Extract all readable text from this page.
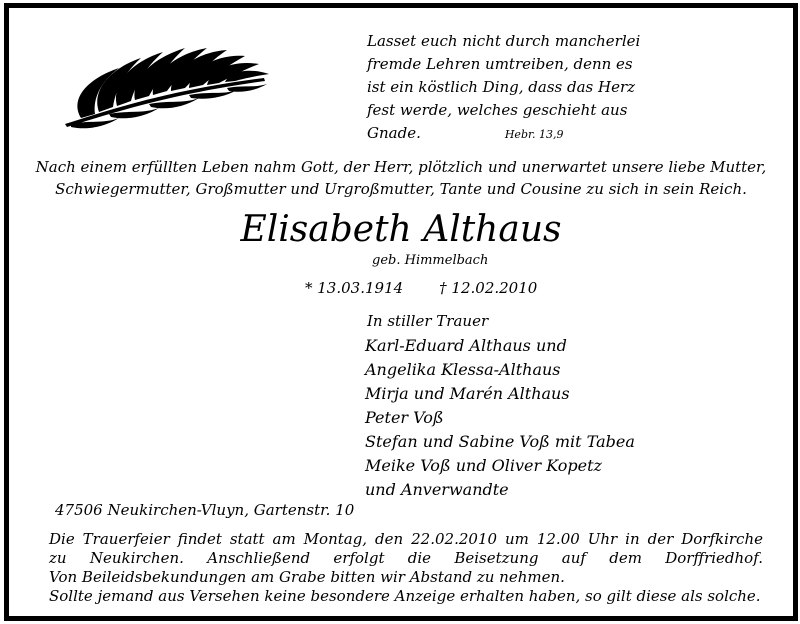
Lasset euch nicht durch mancherlei
fremde Lehren umtreiben, denn es
ist ein köstlich Ding, dass das Herz
fest werde, welches geschieht aus
Gnade.	Hebr. 13,9
Nach einem erfüllten Leben nahm Gott, der Herr, plötzlich und unerwartet unsere liebe Mutter,
Schwiegermutter, Großmutter und Urgroßmutter, Tante und Cousine zu sich in sein Reich.
Elisabeth Althaus
geb. Himmelbach
* 13.03.1914 † 12.02.2010
In stiller Trauer
Karl-Eduard Althaus und
Angelika Klessa-Althaus
Mirja und Marén Althaus
Peter Voß
Stefan und Sabine Voß mit Tabea
Meike Voß und Oliver Kopetz
und Anverwandte
47506 Neukirchen-Vluyn, Gartenstr. 10
Die Trauerfeier findet statt am Montag, den 22.02.2010 um 12.00 Uhr in der Dorfkirche
zu Neukirchen. Anschließend erfolgt die Beisetzung auf dem Dorffriedhof.
Von Beileidsbekundungen am Grabe bitten wir Abstand zu nehmen.
Sollte jemand aus Versehen keine besondere Anzeige erhalten haben, so gilt diese als solche.
